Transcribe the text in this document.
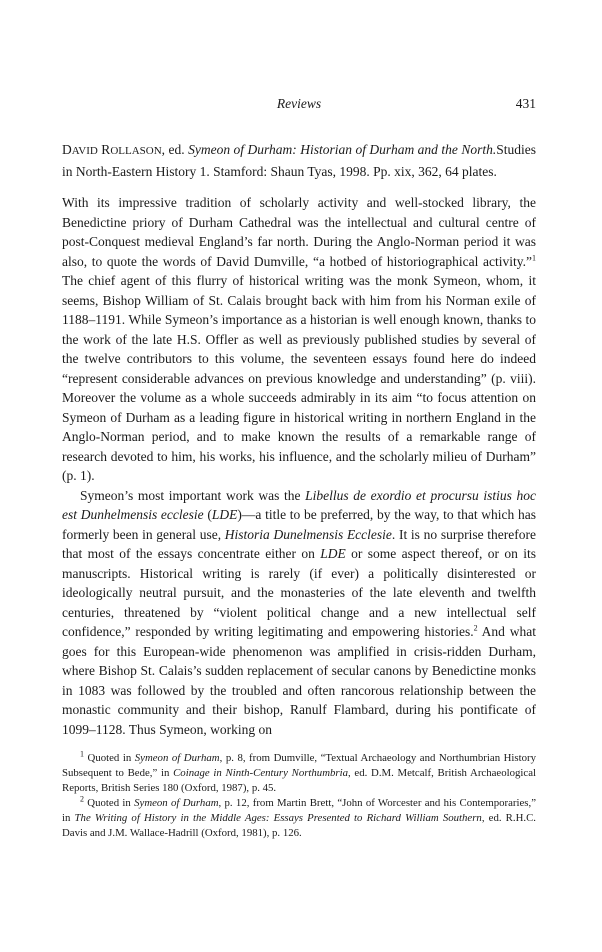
Reviews	431
DAVID ROLLASON, ed. Symeon of Durham: Historian of Durham and the North.Studies in North-Eastern History 1. Stamford: Shaun Tyas, 1998. Pp. xix, 362, 64 plates.

With its impressive tradition of scholarly activity and well-stocked library, the Benedictine priory of Durham Cathedral was the intellectual and cultural centre of post-Conquest medieval England’s far north. During the Anglo-Norman period it was also, to quote the words of David Dumville, “a hotbed of historiographical activity.”$^1$ The chief agent of this flurry of historical writing was the monk Symeon, whom, it seems, Bishop William of St. Calais brought back with him from his Norman exile of 1188–1191. While Symeon’s importance as a historian is well enough known, thanks to the work of the late H.S. Offler as well as previously published studies by several of the twelve contributors to this volume, the seventeen essays found here do indeed “represent considerable advances on previous knowledge and understanding” (p. viii). Moreover the volume as a whole succeeds admirably in its aim “to focus attention on Symeon of Durham as a leading figure in historical writing in northern England in the Anglo-Norman period, and to make known the results of a remarkable range of research devoted to him, his works, his influence, and the scholarly milieu of Durham” (p. 1).

Symeon’s most important work was the Libellus de exordio et procursu istius hoc est Dunhelmensis ecclesie (LDE)—a title to be preferred, by the way, to that which has formerly been in general use, Historia Dunelmensis Ecclesie. It is no surprise therefore that most of the essays concentrate either on LDE or some aspect thereof, or on its manuscripts. Historical writing is rarely (if ever) a politically disinterested or ideologically neutral pursuit, and the monasteries of the late eleventh and twelfth centuries, threatened by “violent political change and a new intellectual self confidence,” responded by writing legitimating and empowering histories.$^2$ And what goes for this European-wide phenomenon was amplified in crisis-ridden Durham, where Bishop St. Calais’s sudden replacement of secular canons by Benedictine monks in 1083 was followed by the troubled and often rancorous relationship between the monastic community and their bishop, Ranulf Flambard, during his pontificate of 1099–1128. Thus Symeon, working on

$^1$ Quoted in Symeon of Durham, p. 8, from Dumville, “Textual Archaeology and Northumbrian History Subsequent to Bede,” in Coinage in Ninth-Century Northumbria, ed. D.M. Metcalf, British Archaeological Reports, British Series 180 (Oxford, 1987), p. 45.

$^2$ Quoted in Symeon of Durham, p. 12, from Martin Brett, “John of Worcester and his Contemporaries,” in The Writing of History in the Middle Ages: Essays Presented to Richard William Southern, ed. R.H.C. Davis and J.M. Wallace-Hadrill (Oxford, 1981), p. 126.
